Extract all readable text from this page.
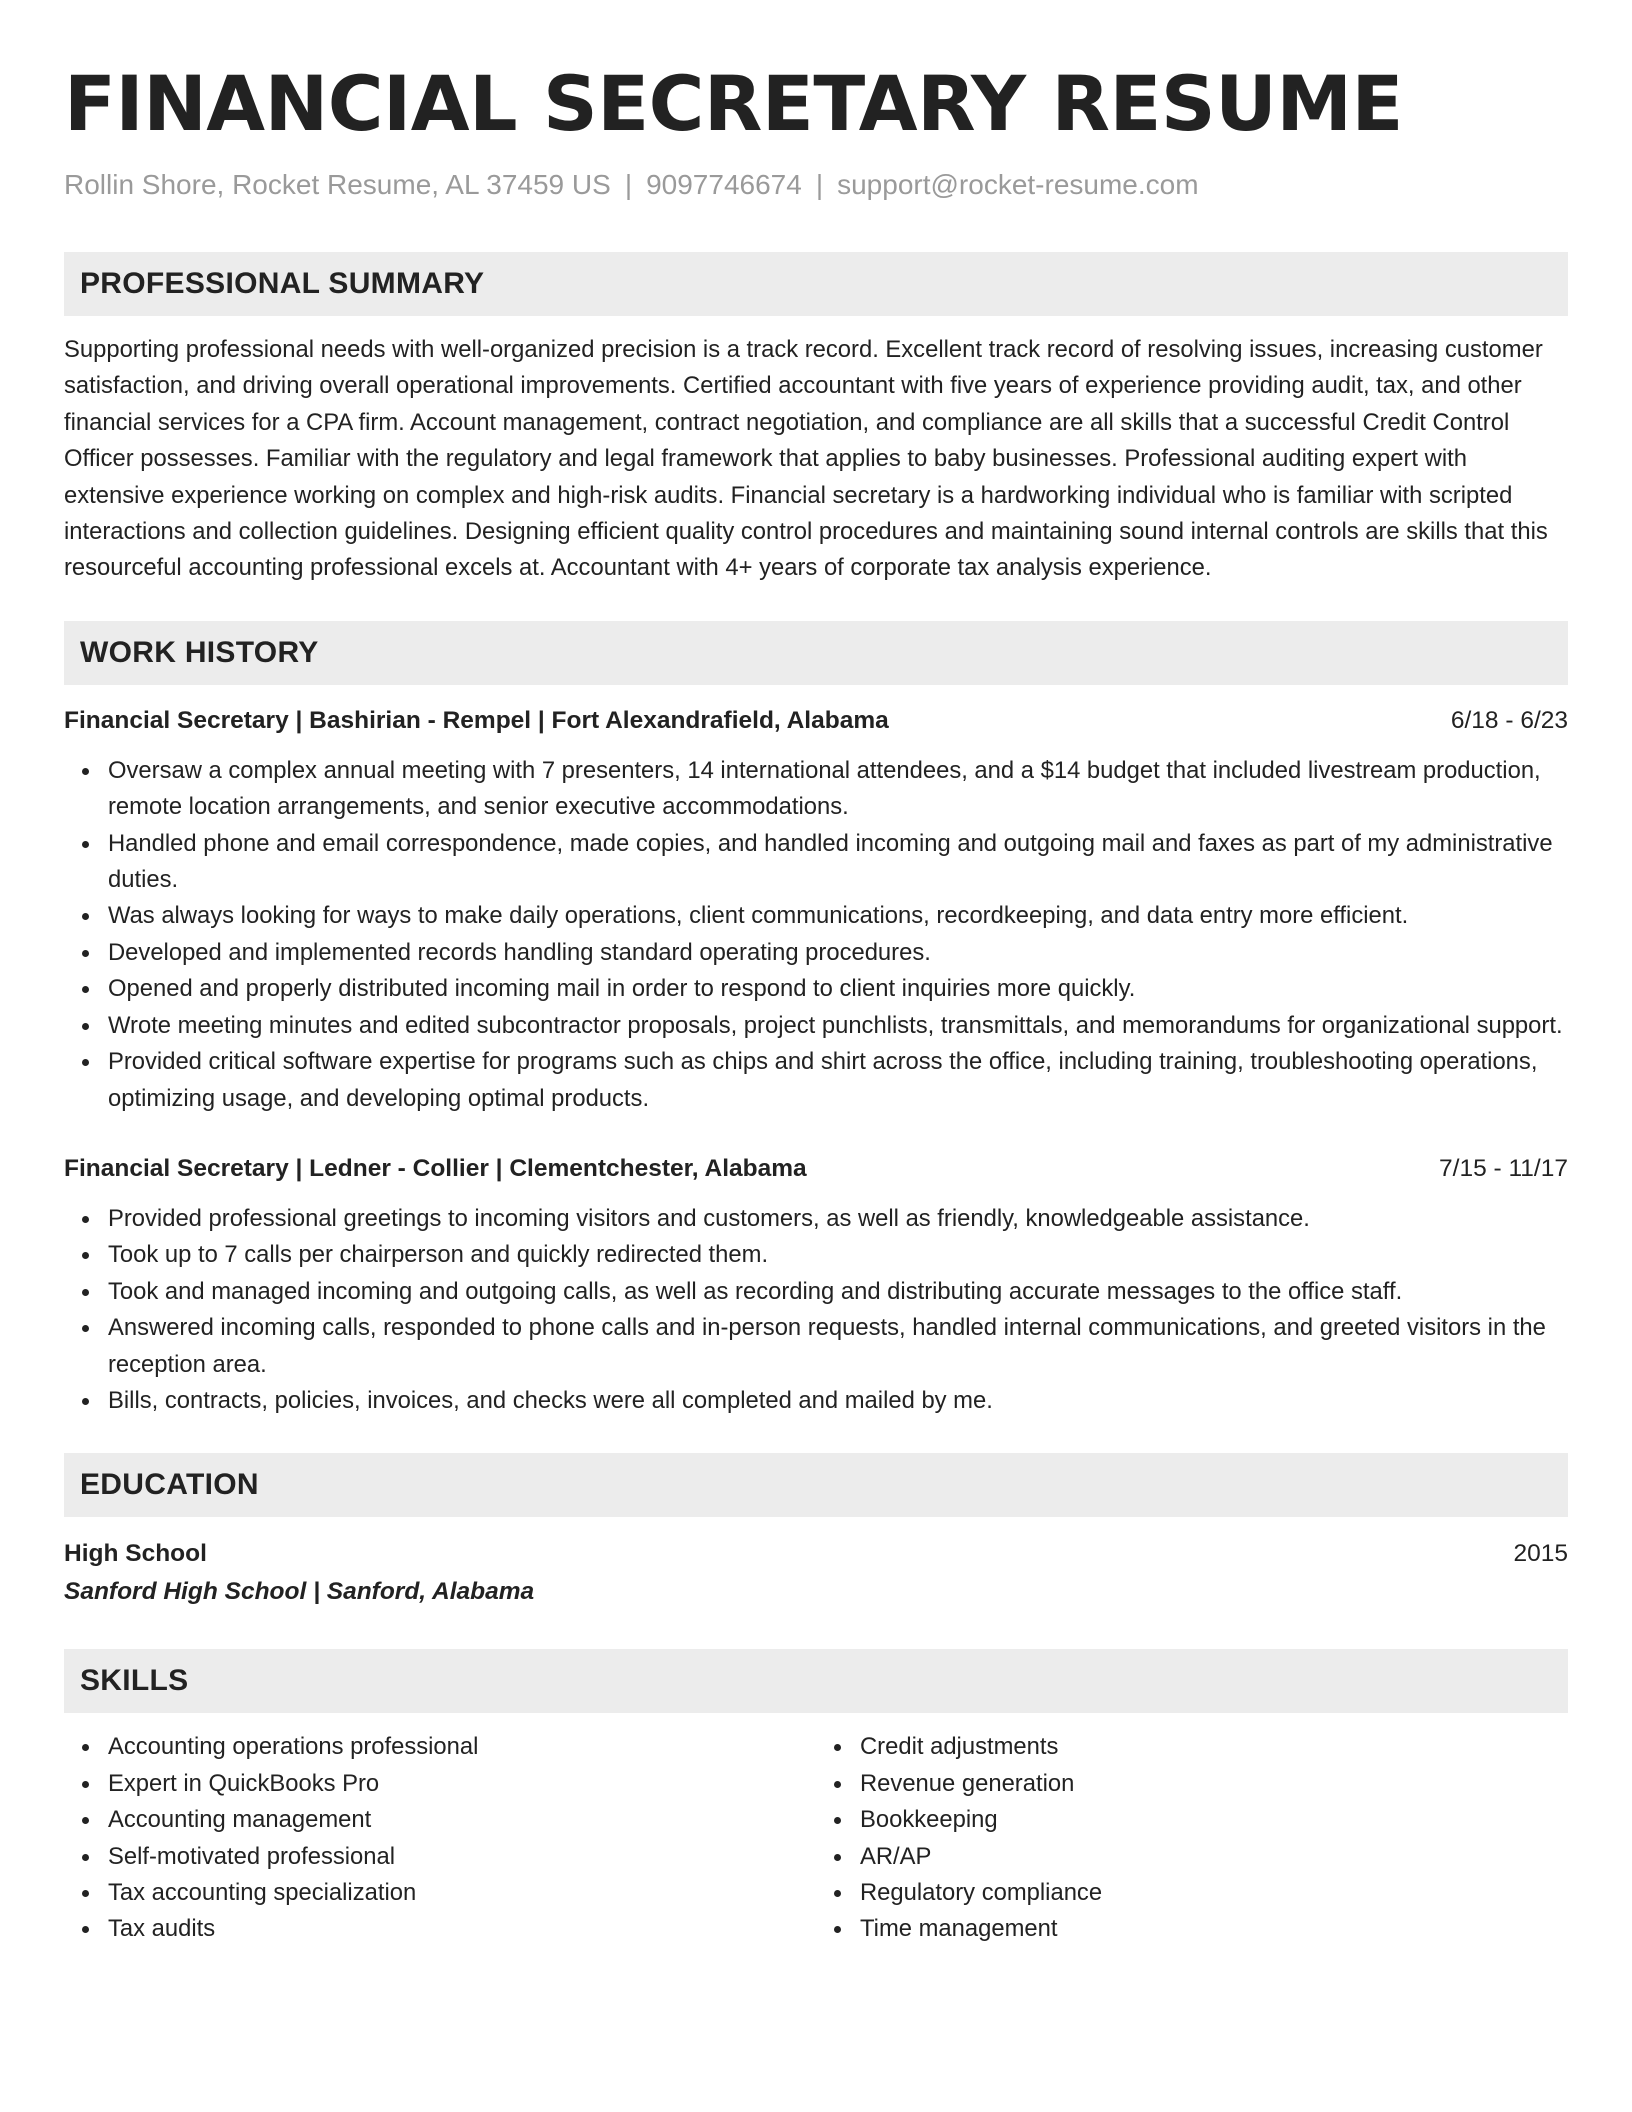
FINANCIAL SECRETARY RESUME
Rollin Shore, Rocket Resume, AL 37459 US | 9097746674 | support@rocket-resume.com
PROFESSIONAL SUMMARY

Supporting professional needs with well-organized precision is a track record. Excellent track record of resolving issues, increasing customer satisfaction, and driving overall operational improvements. Certified accountant with five years of experience providing audit, tax, and other financial services for a CPA firm. Account management, contract negotiation, and compliance are all skills that a successful Credit Control Officer possesses. Familiar with the regulatory and legal framework that applies to baby businesses. Professional auditing expert with extensive experience working on complex and high-risk audits. Financial secretary is a hardworking individual who is familiar with scripted interactions and collection guidelines. Designing efficient quality control procedures and maintaining sound internal controls are skills that this resourceful accounting professional excels at. Accountant with 4+ years of corporate tax analysis experience.

WORK HISTORY
Financial Secretary | Bashirian - Rempel | Fort Alexandrafield, Alabama	6/18 - 6/23
Oversaw a complex annual meeting with 7 presenters, 14 international attendees, and a $14 budget that included livestream production, remote location arrangements, and senior executive accommodations.
Handled phone and email correspondence, made copies, and handled incoming and outgoing mail and faxes as part of my administrative duties.
Was always looking for ways to make daily operations, client communications, recordkeeping, and data entry more efficient.
Developed and implemented records handling standard operating procedures.
Opened and properly distributed incoming mail in order to respond to client inquiries more quickly.
Wrote meeting minutes and edited subcontractor proposals, project punchlists, transmittals, and memorandums for organizational support.
Provided critical software expertise for programs such as chips and shirt across the office, including training, troubleshooting operations, optimizing usage, and developing optimal products.
Financial Secretary | Ledner - Collier | Clementchester, Alabama	7/15 - 11/17
Provided professional greetings to incoming visitors and customers, as well as friendly, knowledgeable assistance.
Took up to 7 calls per chairperson and quickly redirected them.
Took and managed incoming and outgoing calls, as well as recording and distributing accurate messages to the office staff.
Answered incoming calls, responded to phone calls and in-person requests, handled internal communications, and greeted visitors in the reception area.
Bills, contracts, policies, invoices, and checks were all completed and mailed by me.
EDUCATION
High School	2015
Sanford High School | Sanford, Alabama
SKILLS
Accounting operations professional
Expert in QuickBooks Pro
Accounting management
Self-motivated professional
Tax accounting specialization
Tax audits
Credit adjustments
Revenue generation
Bookkeeping
AR/AP
Regulatory compliance
Time management
